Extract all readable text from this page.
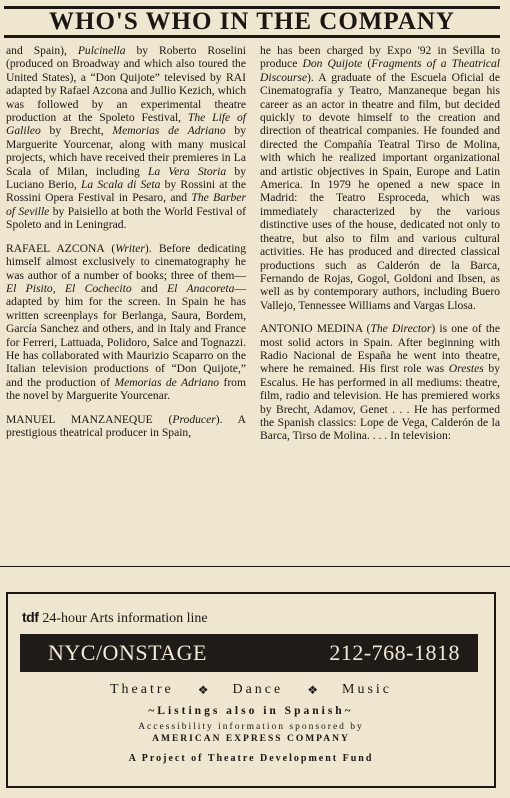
WHO'S WHO IN THE COMPANY

and Spain), Pulcinella by Roberto Roselini (produced on Broadway and which also toured the United States), a “Don Quijote” televised by RAI adapted by Rafael Azcona and Jullio Kezich, which was followed by an experimental theatre production at the Spoleto Festival, The Life of Galileo by Brecht, Memorias de Adriano by Marguerite Yourcenar, along with many musical projects, which have received their premieres in La Scala of Milan, including La Vera Storia by Luciano Berio, La Scala di Seta by Rossini at the Rossini Opera Festival in Pesaro, and The Barber of Seville by Paisiello at both the World Festival of Spoleto and in Leningrad.

RAFAEL AZCONA (Writer). Before dedicating himself almost exclusively to cinematography he was author of a number of books; three of them—El Pisito, El Cochecito and El Anacoreta— adapted by him for the screen. In Spain he has written screenplays for Berlanga, Saura, Bordem, García Sanchez and others, and in Italy and France for Ferreri, Lattuada, Polidoro, Salce and Tognazzi. He has collaborated with Maurizio Scaparro on the Italian television productions of “Don Quijote,” and the production of Memorias de Adriano from the novel by Marguerite Yourcenar.

MANUEL MANZANEQUE (Producer). A prestigious theatrical producer in Spain,

he has been charged by Expo '92 in Sevilla to produce Don Quijote (Fragments of a Theatrical Discourse). A graduate of the Escuela Oficial de Cinematografía y Teatro, Manzaneque began his career as an actor in theatre and film, but decided quickly to devote himself to the creation and direction of theatrical companies. He founded and directed the Compañía Teatral Tirso de Molina, with which he realized important organizational and artistic objectives in Spain, Europe and Latin America. In 1979 he opened a new space in Madrid: the Teatro Esproceda, which was immediately characterized by the various distinctive uses of the house, dedicated not only to theatre, but also to film and various cultural activities. He has produced and directed classical productions such as Calderón de la Barca, Fernando de Rojas, Gogol, Goldoni and Ibsen, as well as by contemporary authors, including Buero Vallejo, Tennessee Williams and Vargas Llosa.

ANTONIO MEDINA (The Director) is one of the most solid actors in Spain. After beginning with Radio Nacional de España he went into theatre, where he remained. His first role was Orestes by Escalus. He has performed in all mediums: theatre, film, radio and television. He has premiered works by Brecht, Adamov, Genet . . . He has performed the Spanish classics: Lope de Vega, Calderón de la Barca, Tirso de Molina. . . . In television:

tdf 24-hour Arts information line
NYC/ONSTAGE	212-768-1818
Theatre ❖ Dance ❖ Music
~Listings also in Spanish~
Accessibility information sponsored by
AMERICAN EXPRESS COMPANY
A Project of Theatre Development Fund
